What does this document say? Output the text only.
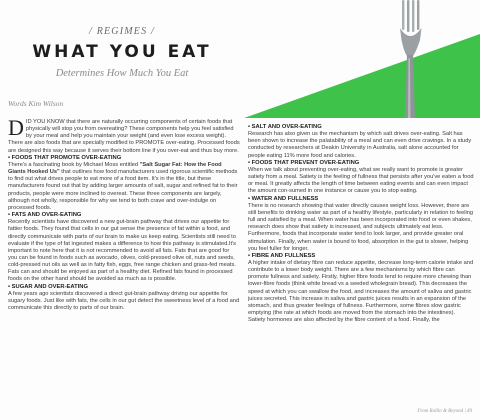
/ REGIMES /
WHAT YOU EAT
Determines How Much You Eat
Words Kim Wilson

DID YOU KNOW that there are naturally occurring components of certain foods that physically will stop you from overeating? These components help you feel satisfied by your meal and help you maintain your weight (and even lose excess weight). There are also foods that are specially modified to PROMOTE over-eating. Processed foods are designed this way because it serves their bottom line if you over-eat and thus buy more.

• FOODS THAT PROMOTE OVER-EATING

There's a fascinating book by Michael Moss entitled "Salt Sugar Fat: How the Food Giants Hooked Us" that outlines how food manufacturers used rigorous scientific methods to find out what drives people to eat more of a food item. It's in the title, but these manufacturers found out that by adding larger amounts of salt, sugar and refined fat to their products, people were more inclined to overeat. These three components are largely, although not wholly, responsible for why we tend to both crave and over-indulge on processed foods.

• FATS AND OVER-EATING

Recently scientists have discovered a new gut-brain pathway that drives our appetite for fattier foods. They found that cells in our gut sense the presence of fat within a food, and directly communicate with parts of our brain to make us keep eating. Scientists still need to evaluate if the type of fat ingested makes a difference to how this pathway is stimulated.It's important to note here that it is not recommended to avoid all fats. Fats that are good for you can be found in foods such as avocado, olives, cold-pressed olive oil, nuts and seeds, cold-pressed nut oils as well as in fatty fish, eggs, free range chicken and grass-fed meats. Fats can and should be enjoyed as part of a healthy diet. Refined fats found in processed foods on the other hand should be avoided as much as is possible.

• SUGAR AND OVER-EATING

A few years ago scientists discovered a direct gut-brain pathway driving our appetite for sugary foods. Just like with fats, the cells in our gut detect the sweetness level of a food and communicate this directly to parts of our brain.

• SALT AND OVER-EATING

Research has also given us the mechanism by which salt drives over-eating. Salt has been shown to increase the palatability of a meal and can even drive cravings. In a study conducted by researchers at Deakin University in Australia, salt alone accounted for people eating 11% more food and calories.

• FOODS THAT PREVENT OVER-EATING

When we talk about preventing over-eating, what we really want to promote is greater satiety from a meal. Satiety is the feeling of fullness that persists after you've eaten a food or meal. It greatly affects the length of time between eating events and can even impact the amount con-sumed in one instance or cause you to stop eating.

• WATER AND FULLNESS

There is no research showing that water directly causes weight loss. However, there are still benefits to drinking water as part of a healthy lifestyle, particularly in relation to feeling full and satisfied by a meal. When water has been incorporated into food or even shakes, research does show that satiety is increased, and subjects ultimately eat less. Furthermore, foods that incorporate water tend to look larger, and provide greater oral stimulation. Finally, when water is bound to food, absorption in the gut is slower, helping you feel fuller for longer.

• FIBRE AND FULLNESS

A higher intake of dietary fibre can reduce appetite, decrease long-term calorie intake and contribute to a lower body weight. There are a few mechanisms by which fibre can promote fullness and satiety. Firstly, higher fibre foods tend to require more chewing than lower-fibre foods (think white bread vs a seeded wholegrain bread). This decreases the speed at which you can swallow the food, and increases the amount of saliva and gastric juices secreted. This increase in saliva and gastric juices results in an expansion of the stomach, and thus greater feelings of fullness. Furthermore, some fibres slow gastric emptying (the rate at which foods are moved from the stomach into the intestines). Satiety hormones are also affected by the fibre content of a food. Finally, the

From Rollin & Beyond | 49
